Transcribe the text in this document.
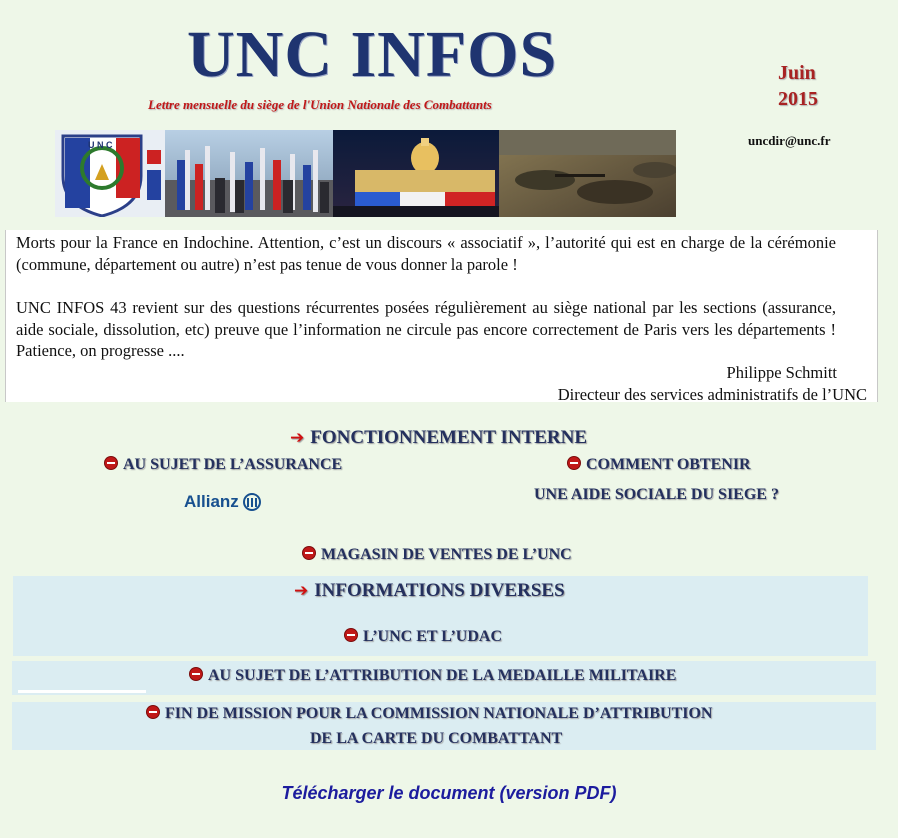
UNC INFOS
Lettre mensuelle du siège de l'Union Nationale des Combattants
Juin
2015
uncdir@unc.fr
U N C

Morts pour la France en Indochine. Attention, c’est un discours « associatif », l’autorité qui est en charge de la cérémonie (commune, département ou autre) n’est pas tenue de vous donner la parole !

UNC INFOS 43 revient sur des questions récurrentes posées régulièrement au siège national par les sections (assurance, aide sociale, dissolution, etc) preuve que l’information ne circule pas encore correctement de Paris vers les départements ! Patience, on progresse ....

Philippe Schmitt
Directeur des services administratifs de l’UNC
➔ FONCTIONNEMENT INTERNE
AU SUJET DE L’ASSURANCE
Allianz
COMMENT OBTENIR
UNE AIDE SOCIALE DU SIEGE ?
MAGASIN DE VENTES DE L’UNC
➔ INFORMATIONS DIVERSES
L’UNC ET L’UDAC
AU SUJET DE L’ATTRIBUTION DE LA MEDAILLE MILITAIRE
FIN DE MISSION POUR LA COMMISSION NATIONALE D’ATTRIBUTION
DE LA CARTE DU COMBATTANT
Télécharger le document (version PDF)
